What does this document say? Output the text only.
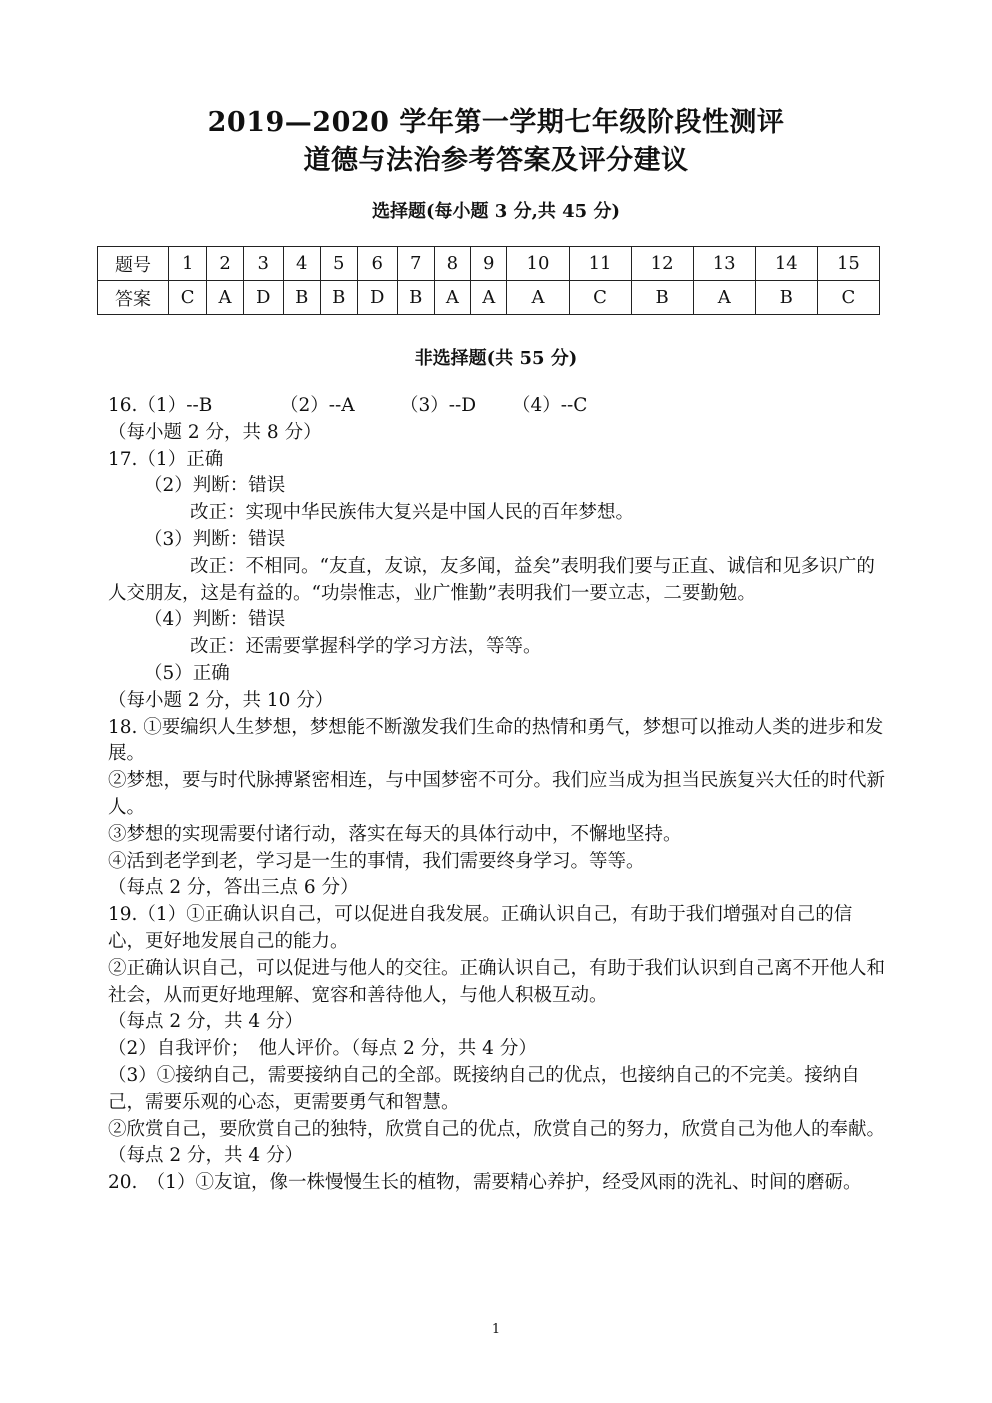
2019—2020 学年第一学期七年级阶段性测评
道德与法治参考答案及评分建议
选择题(每小题 3 分,共 45 分)
题号	1	2	3	4	5	6	7	8	9	10	11	12	13	14	15
答案	C	A	D	B	B	D	B	A	A	A	C	B	A	B	C
非选择题(共 55 分)
16.（1）--B	（2）--A （3）--D （4）--C
（每小题 2 分，共 8 分）
17.（1）正确
（2）判断：错误
改正：实现中华民族伟大复兴是中国人民的百年梦想。
（3）判断：错误
改正：不相同。“友直，友谅，友多闻，益矣”表明我们要与正直、诚信和见多识广的人交朋友，这是有益的。“功崇惟志，业广惟勤”表明我们一要立志，二要勤勉。
（4）判断：错误
改正：还需要掌握科学的学习方法，等等。
（5）正确
（每小题 2 分，共 10 分）
18. ①要编织人生梦想，梦想能不断激发我们生命的热情和勇气，梦想可以推动人类的进步和发展。
②梦想，要与时代脉搏紧密相连，与中国梦密不可分。我们应当成为担当民族复兴大任的时代新人。
③梦想的实现需要付诸行动，落实在每天的具体行动中，不懈地坚持。
④活到老学到老，学习是一生的事情，我们需要终身学习。等等。
（每点 2 分，答出三点 6 分）
19.（1）①正确认识自己，可以促进自我发展。正确认识自己，有助于我们增强对自己的信心，更好地发展自己的能力。
②正确认识自己，可以促进与他人的交往。正确认识自己，有助于我们认识到自己离不开他人和社会，从而更好地理解、宽容和善待他人，与他人积极互动。
（每点 2 分，共 4 分）
（2）自我评价；　他人评价。（每点 2 分，共 4 分）
（3）①接纳自己，需要接纳自己的全部。既接纳自己的优点，也接纳自己的不完美。接纳自己，需要乐观的心态，更需要勇气和智慧。
②欣赏自己，要欣赏自己的独特，欣赏自己的优点，欣赏自己的努力，欣赏自己为他人的奉献。
（每点 2 分，共 4 分）
20.　（1）①友谊，像一株慢慢生长的植物，需要精心养护，经受风雨的洗礼、时间的磨砺。
1
